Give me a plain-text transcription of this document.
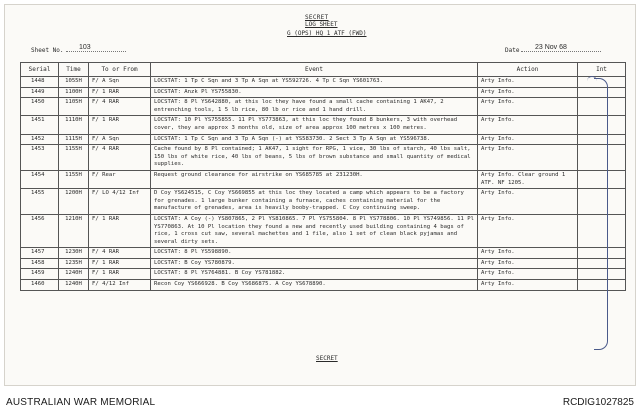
SECRET
LOG SHEET
G (OPS) HQ 1 ATF (FWD)
Sheet No. 103	Date 23 Nov 68
Serial	Time	To or From	Event	Action	Int
1448	1055H	F/ A Sqn	LOCSTAT: 1 Tp C Sqn and 3 Tp A Sqn at YS592726. 4 Tp C Sqn YS601763.	Arty Info.	
1449	1100H	F/ 1 RAR	LOCSTAT: Anzk Pl YS755830.	Arty Info.	
1450	1105H	F/ 4 RAR	LOCSTAT: 8 Pl YS642880, at this loc they have found a small cache containing 1 AK47, 2 entrenching tools, 1 5 lb rice, 80 lb or rice and 1 hand drill.	Arty Info.	
1451	1110H	F/ 1 RAR	LOCSTAT: 10 Pl YS755855. 11 Pl YS773863, at this loc they found 8 bunkers, 3 with overhead cover, they are approx 3 months old, size of area approx 100 metres x 100 metres.	Arty Info.	
1452	1115H	F/ A Sqn	LOCSTAT: 1 Tp C Sqn and 3 Tp A Sqn (-) at YS583730. 2 Sect 3 Tp A Sqn at YS596738.	Arty Info.	
1453	1155H	F/ 4 RAR	Cache found by 8 Pl contained; 1 AK47, 1 sight for RPG, 1 vice, 30 lbs of starch, 40 lbs salt, 150 lbs of white rice, 40 lbs of beans, 5 lbs of brown substance and small quantity of medical supplies.	Arty Info.	
1454	1155H	F/ Rear	Request ground clearance for airstrike on YS685785 at 231230H.	Arty Info. Clear ground 1 ATF. NF 1205.	
1455	1200H	F/ LO 4/12 Inf	D Coy YS624515, C Coy YS669855 at this loc they located a camp which appears to be a factory for grenades. 1 large bunker containing a furnace, caches containing material for the manufacture of grenades, area is heavily booby-trapped. C Coy continuing sweep.	Arty Info.	
1456	1210H	F/ 1 RAR	LOCSTAT: A Coy (-) YS807865, 2 Pl YS810865. 7 Pl YS755804. 8 Pl YS778806. 10 Pl YS749856. 11 Pl YS770863. At 10 Pl location they found a new and recently used building containing 4 bags of rice, 1 cross cut saw, several machettes and 1 file, also 1 set of clean black pyjamas and several dirty sets.	Arty Info.	
1457	1230H	F/ 4 RAR	LOCSTAT: 8 Pl YS598890.	Arty Info.	
1458	1235H	F/ 1 RAR	LOCSTAT: B Coy YS780879.	Arty Info.	
1459	1240H	F/ 1 RAR	LOCSTAT: 8 Pl YS764881. B Coy YS781882.	Arty Info.	
1460	1240H	F/ 4/12 Inf	Recon Coy YS666928. B Coy YS686875. A Coy YS678890.	Arty Info.	
SECRET
AUSTRALIAN WAR MEMORIAL	RCDIG1027825
